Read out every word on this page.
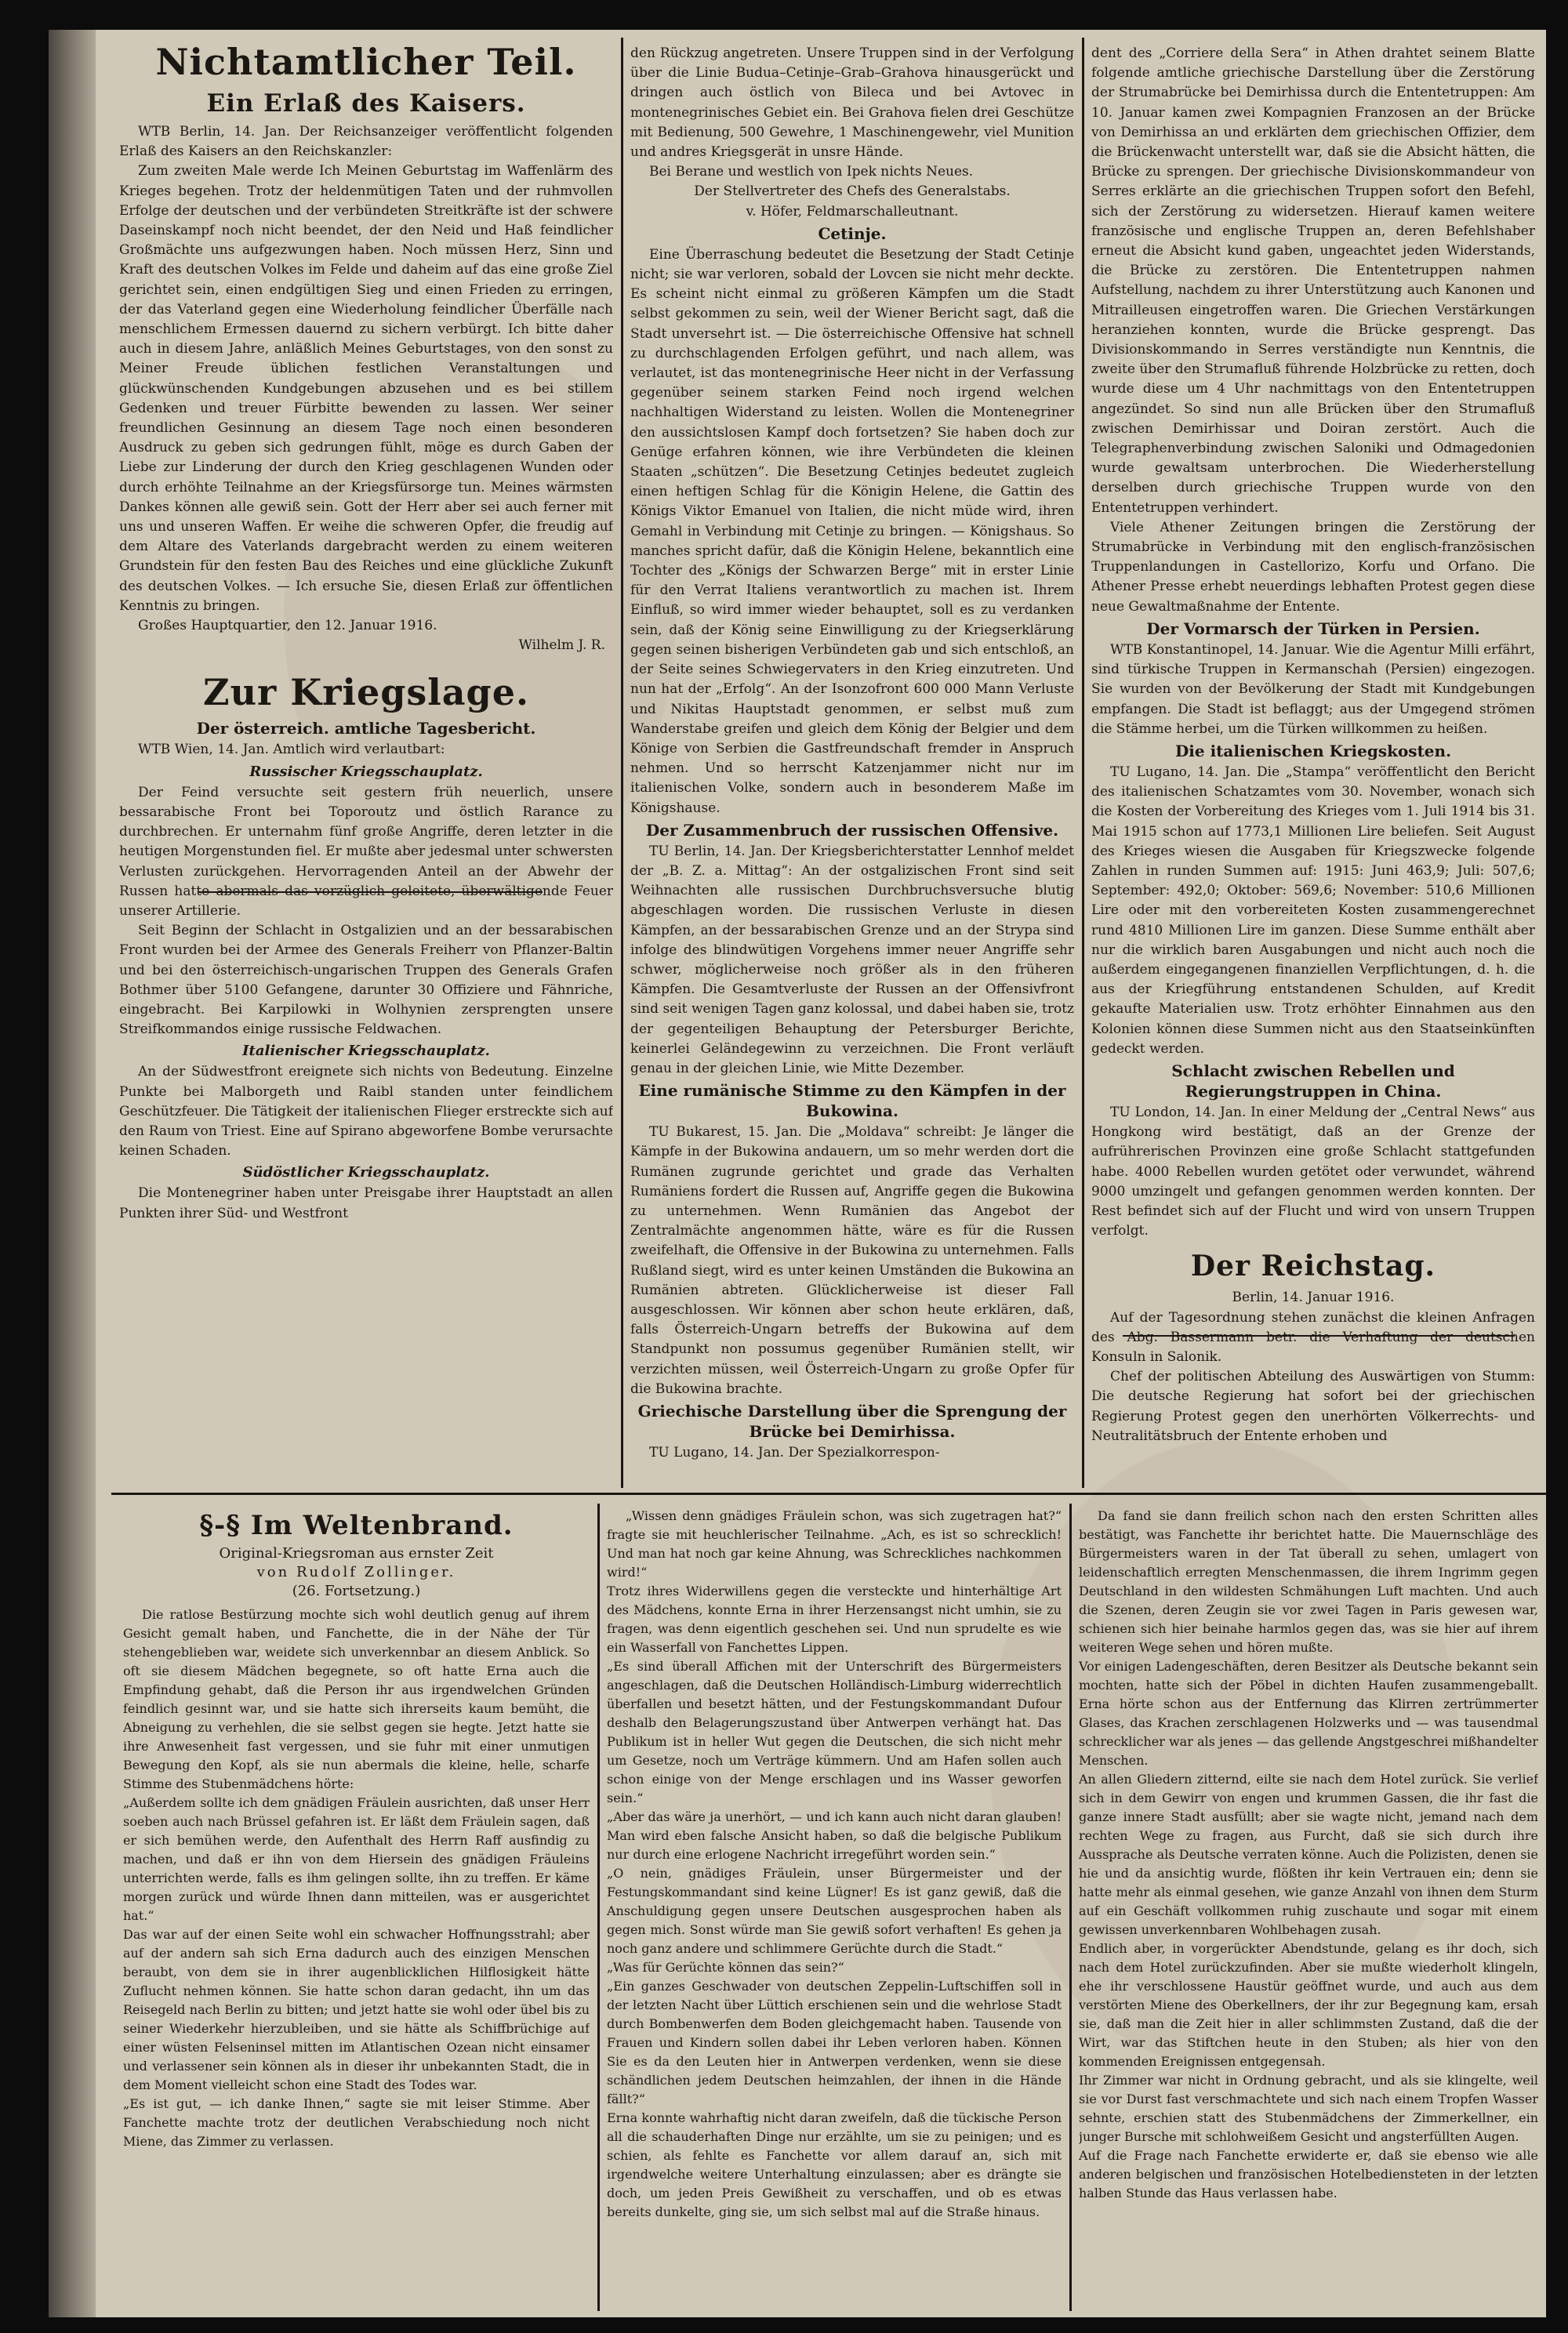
Nichtamtlicher Teil.
Ein Erlaß des Kaisers.

WTB Berlin, 14. Jan. Der Reichsanzeiger veröffentlicht folgenden Erlaß des Kaisers an den Reichskanzler:

Zum zweiten Male werde Ich Meinen Geburtstag im Waffenlärm des Krieges begehen. Trotz der heldenmütigen Taten und der ruhmvollen Erfolge der deutschen und der verbündeten Streitkräfte ist der schwere Daseinskampf noch nicht beendet, der den Neid und Haß feindlicher Großmächte uns aufgezwungen haben. Noch müssen Herz, Sinn und Kraft des deutschen Volkes im Felde und daheim auf das eine große Ziel gerichtet sein, einen endgültigen Sieg und einen Frieden zu erringen, der das Vaterland gegen eine Wiederholung feindlicher Überfälle nach menschlichem Ermessen dauernd zu sichern verbürgt. Ich bitte daher auch in diesem Jahre, anläßlich Meines Geburtstages, von den sonst zu Meiner Freude üblichen festlichen Veranstaltungen und glückwünschenden Kundgebungen abzusehen und es bei stillem Gedenken und treuer Fürbitte bewenden zu lassen. Wer seiner freundlichen Gesinnung an diesem Tage noch einen besonderen Ausdruck zu geben sich gedrungen fühlt, möge es durch Gaben der Liebe zur Linderung der durch den Krieg geschlagenen Wunden oder durch erhöhte Teilnahme an der Kriegsfürsorge tun. Meines wärmsten Dankes können alle gewiß sein. Gott der Herr aber sei auch ferner mit uns und unseren Waffen. Er weihe die schweren Opfer, die freudig auf dem Altare des Vaterlands dargebracht werden zu einem weiteren Grundstein für den festen Bau des Reiches und eine glückliche Zukunft des deutschen Volkes. — Ich ersuche Sie, diesen Erlaß zur öffentlichen Kenntnis zu bringen.

Großes Hauptquartier, den 12. Januar 1916.

Wilhelm J. R.
Zur Kriegslage.
Der österreich. amtliche Tagesbericht.

WTB Wien, 14. Jan. Amtlich wird verlautbart:

Russischer Kriegsschauplatz.

Der Feind versuchte seit gestern früh neuerlich, unsere bessarabische Front bei Toporoutz und östlich Rarance zu durchbrechen. Er unternahm fünf große Angriffe, deren letzter in die heutigen Morgenstunden fiel. Er mußte aber jedesmal unter schwersten Verlusten zurückgehen. Hervorragenden Anteil an der Abwehr der Russen hatte abermals das vorzüglich geleitete, überwältigende Feuer unserer Artillerie.

Seit Beginn der Schlacht in Ostgalizien und an der bessarabischen Front wurden bei der Armee des Generals Freiherr von Pflanzer-Baltin und bei den österreichisch-ungarischen Truppen des Generals Grafen Bothmer über 5100 Gefangene, darunter 30 Offiziere und Fähnriche, eingebracht. Bei Karpilowki in Wolhynien zersprengten unsere Streifkommandos einige russische Feldwachen.

Italienischer Kriegsschauplatz.

An der Südwestfront ereignete sich nichts von Bedeutung. Einzelne Punkte bei Malborgeth und Raibl standen unter feindlichem Geschützfeuer. Die Tätigkeit der italienischen Flieger erstreckte sich auf den Raum von Triest. Eine auf Spirano abgeworfene Bombe verursachte keinen Schaden.

Südöstlicher Kriegsschauplatz.

Die Montenegriner haben unter Preisgabe ihrer Hauptstadt an allen Punkten ihrer Süd- und Westfront

den Rückzug angetreten. Unsere Truppen sind in der Verfolgung über die Linie Budua–Cetinje–Grab–Grahova hinausgerückt und dringen auch östlich von Bileca und bei Avtovec in montenegrinisches Gebiet ein. Bei Grahova fielen drei Geschütze mit Bedienung, 500 Gewehre, 1 Maschinengewehr, viel Munition und andres Kriegsgerät in unsre Hände.

Bei Berane und westlich von Ipek nichts Neues.

Der Stellvertreter des Chefs des Generalstabs.
v. Höfer, Feldmarschalleutnant.
Cetinje.

Eine Überraschung bedeutet die Besetzung der Stadt Cetinje nicht; sie war verloren, sobald der Lovcen sie nicht mehr deckte. Es scheint nicht einmal zu größeren Kämpfen um die Stadt selbst gekommen zu sein, weil der Wiener Bericht sagt, daß die Stadt unversehrt ist. — Die österreichische Offensive hat schnell zu durchschlagenden Erfolgen geführt, und nach allem, was verlautet, ist das montenegrinische Heer nicht in der Verfassung gegenüber seinem starken Feind noch irgend welchen nachhaltigen Widerstand zu leisten. Wollen die Montenegriner den aussichtslosen Kampf doch fortsetzen? Sie haben doch zur Genüge erfahren können, wie ihre Verbündeten die kleinen Staaten „schützen“. Die Besetzung Cetinjes bedeutet zugleich einen heftigen Schlag für die Königin Helene, die Gattin des Königs Viktor Emanuel von Italien, die nicht müde wird, ihren Gemahl in Verbindung mit Cetinje zu bringen. — Königshaus. So manches spricht dafür, daß die Königin Helene, bekanntlich eine Tochter des „Königs der Schwarzen Berge“ mit in erster Linie für den Verrat Italiens verantwortlich zu machen ist. Ihrem Einfluß, so wird immer wieder behauptet, soll es zu verdanken sein, daß der König seine Einwilligung zu der Kriegserklärung gegen seinen bisherigen Verbündeten gab und sich entschloß, an der Seite seines Schwiegervaters in den Krieg einzutreten. Und nun hat der „Erfolg“. An der Isonzofront 600 000 Mann Verluste und Nikitas Hauptstadt genommen, er selbst muß zum Wanderstabe greifen und gleich dem König der Belgier und dem Könige von Serbien die Gastfreundschaft fremder in Anspruch nehmen. Und so herrscht Katzenjammer nicht nur im italienischen Volke, sondern auch in besonderem Maße im Königshause.

Der Zusammenbruch der russischen Offensive.

TU Berlin, 14. Jan. Der Kriegsberichterstatter Lennhof meldet der „B. Z. a. Mittag“: An der ostgalizischen Front sind seit Weihnachten alle russischen Durchbruchsversuche blutig abgeschlagen worden. Die russischen Verluste in diesen Kämpfen, an der bessarabischen Grenze und an der Strypa sind infolge des blindwütigen Vorgehens immer neuer Angriffe sehr schwer, möglicherweise noch größer als in den früheren Kämpfen. Die Gesamtverluste der Russen an der Offensivfront sind seit wenigen Tagen ganz kolossal, und dabei haben sie, trotz der gegenteiligen Behauptung der Petersburger Berichte, keinerlei Geländegewinn zu verzeichnen. Die Front verläuft genau in der gleichen Linie, wie Mitte Dezember.

Eine rumänische Stimme zu den Kämpfen in der Bukowina.

TU Bukarest, 15. Jan. Die „Moldava“ schreibt: Je länger die Kämpfe in der Bukowina andauern, um so mehr werden dort die Rumänen zugrunde gerichtet und grade das Verhalten Rumäniens fordert die Russen auf, Angriffe gegen die Bukowina zu unternehmen. Wenn Rumänien das Angebot der Zentralmächte angenommen hätte, wäre es für die Russen zweifelhaft, die Offensive in der Bukowina zu unternehmen. Falls Rußland siegt, wird es unter keinen Umständen die Bukowina an Rumänien abtreten. Glücklicherweise ist dieser Fall ausgeschlossen. Wir können aber schon heute erklären, daß, falls Österreich-Ungarn betreffs der Bukowina auf dem Standpunkt non possumus gegenüber Rumänien stellt, wir verzichten müssen, weil Österreich-Ungarn zu große Opfer für die Bukowina brachte.

Griechische Darstellung über die Sprengung der Brücke bei Demirhissa.

TU Lugano, 14. Jan. Der Spezialkorrespon-

dent des „Corriere della Sera“ in Athen drahtet seinem Blatte folgende amtliche griechische Darstellung über die Zerstörung der Strumabrücke bei Demirhissa durch die Ententetruppen: Am 10. Januar kamen zwei Kompagnien Franzosen an der Brücke von Demirhissa an und erklärten dem griechischen Offizier, dem die Brückenwacht unterstellt war, daß sie die Absicht hätten, die Brücke zu sprengen. Der griechische Divisionskommandeur von Serres erklärte an die griechischen Truppen sofort den Befehl, sich der Zerstörung zu widersetzen. Hierauf kamen weitere französische und englische Truppen an, deren Befehlshaber erneut die Absicht kund gaben, ungeachtet jeden Widerstands, die Brücke zu zerstören. Die Ententetruppen nahmen Aufstellung, nachdem zu ihrer Unterstützung auch Kanonen und Mitrailleusen eingetroffen waren. Die Griechen Verstärkungen heranziehen konnten, wurde die Brücke gesprengt. Das Divisionskommando in Serres verständigte nun Kenntnis, die zweite über den Strumafluß führende Holzbrücke zu retten, doch wurde diese um 4 Uhr nachmittags von den Ententetruppen angezündet. So sind nun alle Brücken über den Strumafluß zwischen Demirhissar und Doiran zerstört. Auch die Telegraphenverbindung zwischen Saloniki und Odmagedonien wurde gewaltsam unterbrochen. Die Wiederherstellung derselben durch griechische Truppen wurde von den Ententetruppen verhindert.

Viele Athener Zeitungen bringen die Zerstörung der Strumabrücke in Verbindung mit den englisch-französischen Truppenlandungen in Castellorizo, Korfu und Orfano. Die Athener Presse erhebt neuerdings lebhaften Protest gegen diese neue Gewaltmaßnahme der Entente.

Der Vormarsch der Türken in Persien.

WTB Konstantinopel, 14. Januar. Wie die Agentur Milli erfährt, sind türkische Truppen in Kermanschah (Persien) eingezogen. Sie wurden von der Bevölkerung der Stadt mit Kundgebungen empfangen. Die Stadt ist beflaggt; aus der Umgegend strömen die Stämme herbei, um die Türken willkommen zu heißen.

Die italienischen Kriegskosten.

TU Lugano, 14. Jan. Die „Stampa“ veröffentlicht den Bericht des italienischen Schatzamtes vom 30. November, wonach sich die Kosten der Vorbereitung des Krieges vom 1. Juli 1914 bis 31. Mai 1915 schon auf 1773,1 Millionen Lire beliefen. Seit August des Krieges wiesen die Ausgaben für Kriegszwecke folgende Zahlen in runden Summen auf: 1915: Juni 463,9; Juli: 507,6; September: 492,0; Oktober: 569,6; November: 510,6 Millionen Lire oder mit den vorbereiteten Kosten zusammengerechnet rund 4810 Millionen Lire im ganzen. Diese Summe enthält aber nur die wirklich baren Ausgabungen und nicht auch noch die außerdem eingegangenen finanziellen Verpflichtungen, d. h. die aus der Kriegführung entstandenen Schulden, auf Kredit gekaufte Materialien usw. Trotz erhöhter Einnahmen aus den Kolonien können diese Summen nicht aus den Staatseinkünften gedeckt werden.

Schlacht zwischen Rebellen und Regierungstruppen in China.

TU London, 14. Jan. In einer Meldung der „Central News“ aus Hongkong wird bestätigt, daß an der Grenze der aufrührerischen Provinzen eine große Schlacht stattgefunden habe. 4000 Rebellen wurden getötet oder verwundet, während 9000 umzingelt und gefangen genommen werden konnten. Der Rest befindet sich auf der Flucht und wird von unsern Truppen verfolgt.

Der Reichstag.
Berlin, 14. Januar 1916.

Auf der Tagesordnung stehen zunächst die kleinen Anfragen des Abg. Bassermann betr. die Verhaftung der deutschen Konsuln in Salonik.

Chef der politischen Abteilung des Auswärtigen von Stumm: Die deutsche Regierung hat sofort bei der griechischen Regierung Protest gegen den unerhörten Völkerrechts- und Neutralitätsbruch der Entente erhoben und

§-§ Im Weltenbrand.
Original-Kriegsroman aus ernster Zeit
von Rudolf Zollinger.
(26. Fortsetzung.)

Die ratlose Bestürzung mochte sich wohl deutlich genug auf ihrem Gesicht gemalt haben, und Fanchette, die in der Nähe der Tür stehengeblieben war, weidete sich unverkennbar an diesem Anblick. So oft sie diesem Mädchen begegnete, so oft hatte Erna auch die Empfindung gehabt, daß die Person ihr aus irgendwelchen Gründen feindlich gesinnt war, und sie hatte sich ihrerseits kaum bemüht, die Abneigung zu verhehlen, die sie selbst gegen sie hegte. Jetzt hatte sie ihre Anwesenheit fast vergessen, und sie fuhr mit einer unmutigen Bewegung den Kopf, als sie nun abermals die kleine, helle, scharfe Stimme des Stubenmädchens hörte:
„Außerdem sollte ich dem gnädigen Fräulein ausrichten, daß unser Herr soeben auch nach Brüssel gefahren ist. Er läßt dem Fräulein sagen, daß er sich bemühen werde, den Aufenthalt des Herrn Raff ausfindig zu machen, und daß er ihn von dem Hiersein des gnädigen Fräuleins unterrichten werde, falls es ihm gelingen sollte, ihn zu treffen. Er käme morgen zurück und würde Ihnen dann mitteilen, was er ausgerichtet hat.“
Das war auf der einen Seite wohl ein schwacher Hoffnungsstrahl; aber auf der andern sah sich Erna dadurch auch des einzigen Menschen beraubt, von dem sie in ihrer augenblicklichen Hilflosigkeit hätte Zuflucht nehmen können. Sie hatte schon daran gedacht, ihn um das Reisegeld nach Berlin zu bitten; und jetzt hatte sie wohl oder übel bis zu seiner Wiederkehr hierzubleiben, und sie hätte als Schiffbrüchige auf einer wüsten Felseninsel mitten im Atlantischen Ozean nicht einsamer und verlassener sein können als in dieser ihr unbekannten Stadt, die in dem Moment vielleicht schon eine Stadt des Todes war.
„Es ist gut, — ich danke Ihnen,“ sagte sie mit leiser Stimme. Aber Fanchette machte trotz der deutlichen Verabschiedung noch nicht Miene, das Zimmer zu verlassen.

„Wissen denn gnädiges Fräulein schon, was sich zugetragen hat?“ fragte sie mit heuchlerischer Teilnahme. „Ach, es ist so schrecklich! Und man hat noch gar keine Ahnung, was Schreckliches nachkommen wird!“
Trotz ihres Widerwillens gegen die versteckte und hinterhältige Art des Mädchens, konnte Erna in ihrer Herzensangst nicht umhin, sie zu fragen, was denn eigentlich geschehen sei. Und nun sprudelte es wie ein Wasserfall von Fanchettes Lippen.
„Es sind überall Affichen mit der Unterschrift des Bürgermeisters angeschlagen, daß die Deutschen Holländisch-Limburg widerrechtlich überfallen und besetzt hätten, und der Festungskommandant Dufour deshalb den Belagerungszustand über Antwerpen verhängt hat. Das Publikum ist in heller Wut gegen die Deutschen, die sich nicht mehr um Gesetze, noch um Verträge kümmern. Und am Hafen sollen auch schon einige von der Menge erschlagen und ins Wasser geworfen sein.“
„Aber das wäre ja unerhört, — und ich kann auch nicht daran glauben! Man wird eben falsche Ansicht haben, so daß die belgische Publikum nur durch eine erlogene Nachricht irregeführt worden sein.“
„O nein, gnädiges Fräulein, unser Bürgermeister und der Festungskommandant sind keine Lügner! Es ist ganz gewiß, daß die Anschuldigung gegen unsere Deutschen ausgesprochen haben als gegen mich. Sonst würde man Sie gewiß sofort verhaften! Es gehen ja noch ganz andere und schlimmere Gerüchte durch die Stadt.“
„Was für Gerüchte können das sein?“
„Ein ganzes Geschwader von deutschen Zeppelin-Luftschiffen soll in der letzten Nacht über Lüttich erschienen sein und die wehrlose Stadt durch Bombenwerfen dem Boden gleichgemacht haben. Tausende von Frauen und Kindern sollen dabei ihr Leben verloren haben. Können Sie es da den Leuten hier in Antwerpen verdenken, wenn sie diese schändlichen jedem Deutschen heimzahlen, der ihnen in die Hände fällt?“
Erna konnte wahrhaftig nicht daran zweifeln, daß die tückische Person all die schauderhaften Dinge nur erzählte, um sie zu peinigen; und es schien, als fehlte es Fanchette vor allem darauf an, sich mit irgendwelche weitere Unterhaltung einzulassen; aber es drängte sie doch, um jeden Preis Gewißheit zu verschaffen, und ob es etwas bereits dunkelte, ging sie, um sich selbst mal auf die Straße hinaus.

Da fand sie dann freilich schon nach den ersten Schritten alles bestätigt, was Fanchette ihr berichtet hatte. Die Mauernschläge des Bürgermeisters waren in der Tat überall zu sehen, umlagert von leidenschaftlich erregten Menschenmassen, die ihrem Ingrimm gegen Deutschland in den wildesten Schmähungen Luft machten. Und auch die Szenen, deren Zeugin sie vor zwei Tagen in Paris gewesen war, schienen sich hier beinahe harmlos gegen das, was sie hier auf ihrem weiteren Wege sehen und hören mußte.
Vor einigen Ladengeschäften, deren Besitzer als Deutsche bekannt sein mochten, hatte sich der Pöbel in dichten Haufen zusammengeballt. Erna hörte schon aus der Entfernung das Klirren zertrümmerter Glases, das Krachen zerschlagenen Holzwerks und — was tausendmal schrecklicher war als jenes — das gellende Angstgeschrei mißhandelter Menschen.
An allen Gliedern zitternd, eilte sie nach dem Hotel zurück. Sie verlief sich in dem Gewirr von engen und krummen Gassen, die ihr fast die ganze innere Stadt ausfüllt; aber sie wagte nicht, jemand nach dem rechten Wege zu fragen, aus Furcht, daß sie sich durch ihre Aussprache als Deutsche verraten könne. Auch die Polizisten, denen sie hie und da ansichtig wurde, flößten ihr kein Vertrauen ein; denn sie hatte mehr als einmal gesehen, wie ganze Anzahl von ihnen dem Sturm auf ein Geschäft vollkommen ruhig zuschaute und sogar mit einem gewissen unverkennbaren Wohlbehagen zusah.
Endlich aber, in vorgerückter Abendstunde, gelang es ihr doch, sich nach dem Hotel zurückzufinden. Aber sie mußte wiederholt klingeln, ehe ihr verschlossene Haustür geöffnet wurde, und auch aus dem verstörten Miene des Oberkellners, der ihr zur Begegnung kam, ersah sie, daß man die Zeit hier in aller schlimmsten Zustand, daß die der Wirt, war das Stiftchen heute in den Stuben; als hier von den kommenden Ereignissen entgegensah.
Ihr Zimmer war nicht in Ordnung gebracht, und als sie klingelte, weil sie vor Durst fast verschmachtete und sich nach einem Tropfen Wasser sehnte, erschien statt des Stubenmädchens der Zimmerkellner, ein junger Bursche mit schlohweißem Gesicht und angsterfüllten Augen.
Auf die Frage nach Fanchette erwiderte er, daß sie ebenso wie alle anderen belgischen und französischen Hotelbediensteten in der letzten halben Stunde das Haus verlassen habe.
